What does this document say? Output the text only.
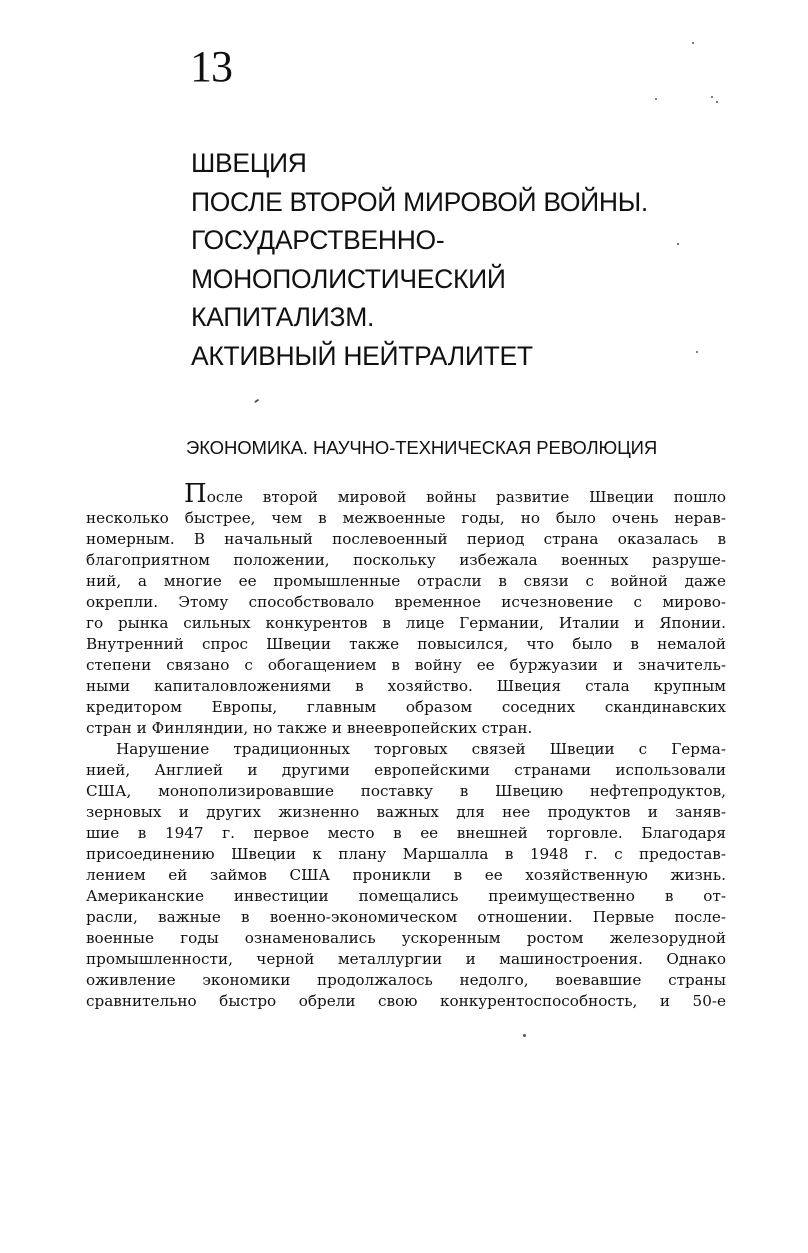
13
ШВЕЦИЯ
ПОСЛЕ ВТОРОЙ МИРОВОЙ ВОЙНЫ.
ГОСУДАРСТВЕННО-
МОНОПОЛИСТИЧЕСКИЙ
КАПИТАЛИЗМ.
АКТИВНЫЙ НЕЙТРАЛИТЕТ
ЭКОНОМИКА. НАУЧНО-ТЕХНИЧЕСКАЯ РЕВОЛЮЦИЯ

После второй мировой войны развитие Швеции пошло
несколько быстрее, чем в межвоенные годы, но было очень нерав-
номерным. В начальный послевоенный период страна оказалась в
благоприятном положении, поскольку избежала военных разруше-
ний, а многие ее промышленные отрасли в связи с войной даже
окрепли. Этому способствовало временное исчезновение с мирово-
го рынка сильных конкурентов в лице Германии, Италии и Японии.
Внутренний спрос Швеции также повысился, что было в немалой
степени связано с обогащением в войну ее буржуазии и значитель-
ными капиталовложениями в хозяйство. Швеция стала крупным
кредитором Европы, главным образом соседних скандинавских
стран и Финляндии, но также и внеевропейских стран.

Нарушение традиционных торговых связей Швеции с Герма-
нией, Англией и другими европейскими странами использовали
США, монополизировавшие поставку в Швецию нефтепродуктов,
зерновых и других жизненно важных для нее продуктов и заняв-
шие в 1947 г. первое место в ее внешней торговле. Благодаря
присоединению Швеции к плану Маршалла в 1948 г. с предостав-
лением ей займов США проникли в ее хозяйственную жизнь.
Американские инвестиции помещались преимущественно в от-
расли, важные в военно-экономическом отношении. Первые после-
военные годы ознаменовались ускоренным ростом железорудной
промышленности, черной металлургии и машиностроения. Однако
оживление экономики продолжалось недолго, воевавшие страны
сравнительно быстро обрели свою конкурентоспособность, и 50-е
